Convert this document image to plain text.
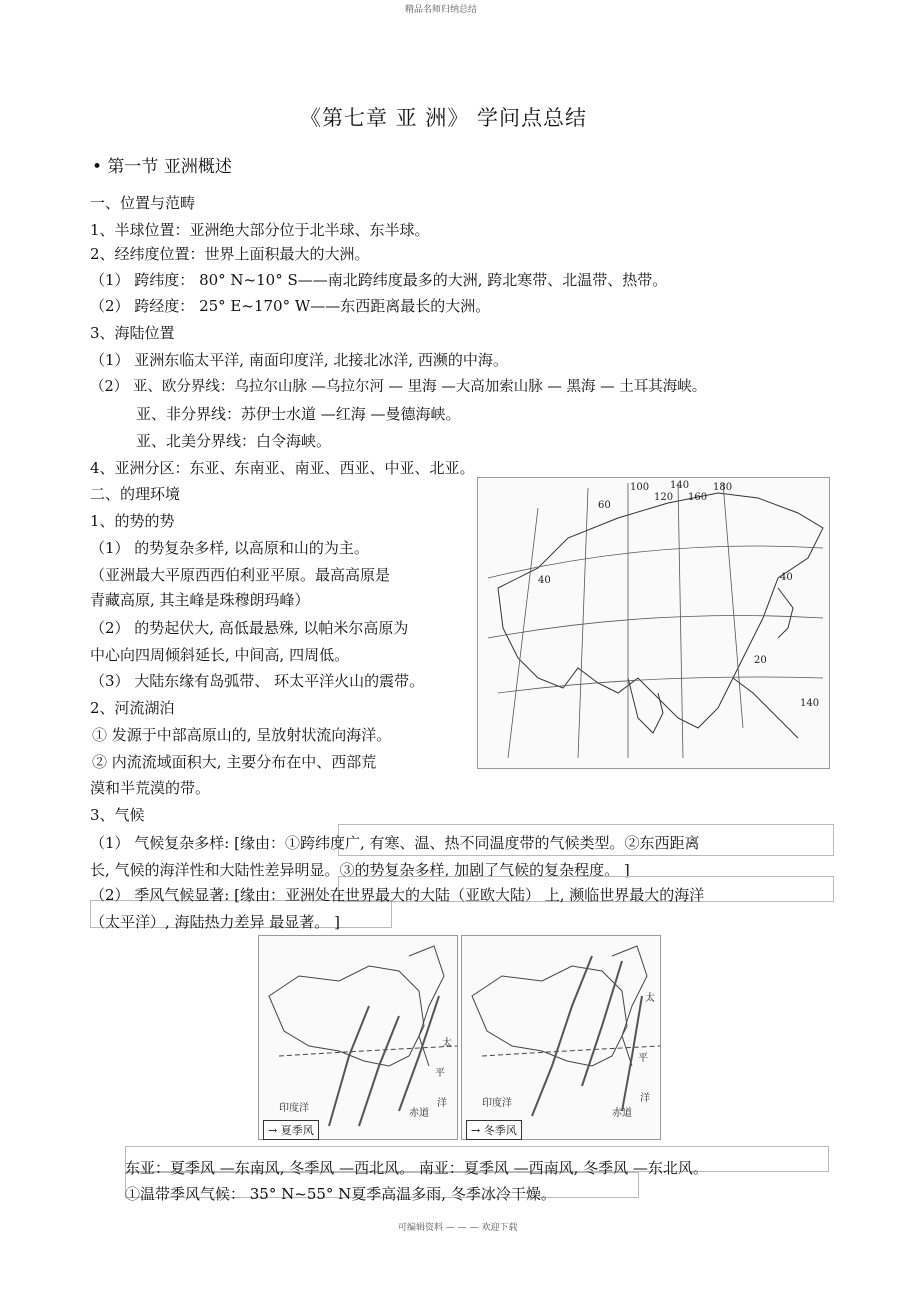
精品名师归纳总结
《第七章 亚 洲》 学问点总结
• 第一节 亚洲概述
一、位置与范畴
1、半球位置：亚洲绝大部分位于北半球、东半球。
2、经纬度位置：世界上面积最大的大洲。
（1） 跨纬度： 80° N~10° S——南北跨纬度最多的大洲, 跨北寒带、北温带、热带。
（2） 跨经度： 25° E~170° W——东西距离最长的大洲。
3、海陆位置
（1） 亚洲东临太平洋, 南面印度洋, 北接北冰洋, 西濒的中海。
（2） 亚、欧分界线：乌拉尔山脉 —乌拉尔河 — 里海 —大高加索山脉 — 黑海 — 土耳其海峡。
亚、非分界线：苏伊士水道 —红海 —曼德海峡。
亚、北美分界线：白令海峡。
4、亚洲分区：东亚、东南亚、南亚、西亚、中亚、北亚。
二、的理环境
1、的势的势
（1） 的势复杂多样, 以高原和山的为主。
（亚洲最大平原西西伯利亚平原。最高高原是
青藏高原, 其主峰是珠穆朗玛峰）
（2） 的势起伏大, 高低最悬殊, 以帕米尔高原为
中心向四周倾斜延长, 中间高, 四周低。
（3） 大陆东缘有岛弧带、 环太平洋火山的震带。
2、河流湖泊
① 发源于中部高原山的, 呈放射状流向海洋。
② 内流流域面积大, 主要分布在中、西部荒
漠和半荒漠的带。
3、气候
（1） 气候复杂多样: [缘由：①跨纬度广, 有寒、温、热不同温度带的气候类型。②东西距离
长, 气候的海洋性和大陆性差异明显。③的势复杂多样, 加剧了气候的复杂程度。 ]
（2） 季风气候显著: [缘由：亚洲处在世界最大的大陆（亚欧大陆） 上, 濒临世界最大的海洋
（太平洋）, 海陆热力差异 最显著。 ]
100 140
120 160
180
60
40	40
20
140
太
平
洋
印度洋	赤道
→ 夏季风
太
平
洋
印度洋
赤道
→ 冬季风
东亚：夏季风 —东南风, 冬季风 —西北风。 南亚：夏季风 —西南风, 冬季风 —东北风。
①温带季风气候： 35° N~55° N夏季高温多雨, 冬季冰冷干燥。
可编辑资料 — — — 欢迎下载
